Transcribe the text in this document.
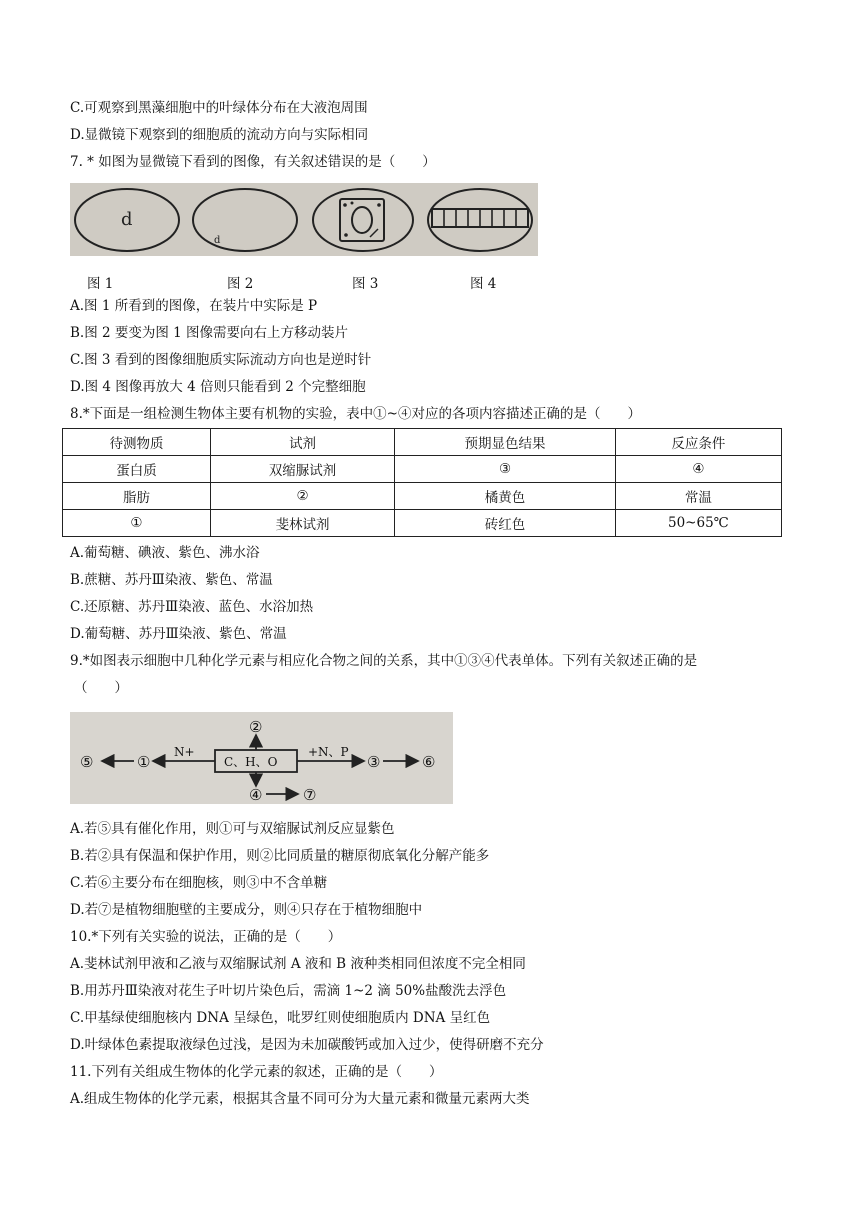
C.可观察到黑藻细胞中的叶绿体分布在大液泡周围
D.显微镜下观察到的细胞质的流动方向与实际相同
7. * 如图为显微镜下看到的图像，有关叙述错误的是（　　）
d
d
图 1	图 2	图 3	图 4
A.图 1 所看到的图像，在装片中实际是 P
B.图 2 要变为图 1 图像需要向右上方移动装片
C.图 3 看到的图像细胞质实际流动方向也是逆时针
D.图 4 图像再放大 4 倍则只能看到 2 个完整细胞
8.*下面是一组检测生物体主要有机物的实验，表中①~④对应的各项内容描述正确的是（　　）
待测物质	试剂	预期显色结果	反应条件
蛋白质	双缩脲试剂	③	④
脂肪	②	橘黄色	常温
①	斐林试剂	砖红色	50~65℃
A.葡萄糖、碘液、紫色、沸水浴
B.蔗糖、苏丹Ⅲ染液、紫色、常温
C.还原糖、苏丹Ⅲ染液、蓝色、水浴加热
D.葡萄糖、苏丹Ⅲ染液、紫色、常温
9.*如图表示细胞中几种化学元素与相应化合物之间的关系，其中①③④代表单体。下列有关叙述正确的是
（　　）
C、H、O
N+	+N、P
②
④	⑦
①
⑤	③	⑥
A.若⑤具有催化作用，则①可与双缩脲试剂反应显紫色
B.若②具有保温和保护作用，则②比同质量的糖原彻底氧化分解产能多
C.若⑥主要分布在细胞核，则③中不含单糖
D.若⑦是植物细胞壁的主要成分，则④只存在于植物细胞中
10.*下列有关实验的说法，正确的是（　　）
A.斐林试剂甲液和乙液与双缩脲试剂 A 液和 B 液种类相同但浓度不完全相同
B.用苏丹Ⅲ染液对花生子叶切片染色后，需滴 1~2 滴 50%盐酸洗去浮色
C.甲基绿使细胞核内 DNA 呈绿色，吡罗红则使细胞质内 DNA 呈红色
D.叶绿体色素提取液绿色过浅，是因为未加碳酸钙或加入过少，使得研磨不充分
11.下列有关组成生物体的化学元素的叙述，正确的是（　　）
A.组成生物体的化学元素，根据其含量不同可分为大量元素和微量元素两大类
